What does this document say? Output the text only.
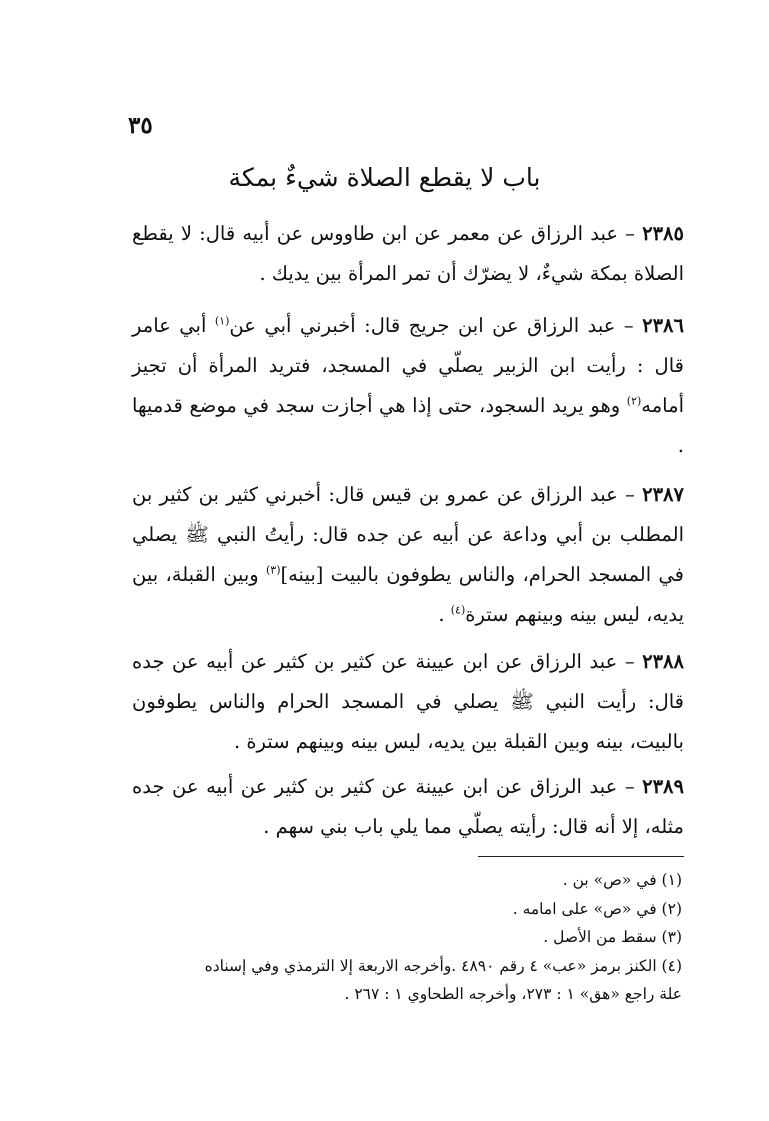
٣٥
باب لا يقطع الصلاة شيءٌ بمكة
٢٣٨٥ – عبد الرزاق عن معمر عن ابن طاووس عن أبيه قال: لا يقطع الصلاة بمكة شيءٌ، لا يضرّك أن تمر المرأة بين يديك .
٢٣٨٦ – عبد الرزاق عن ابن جريج قال: أخبرني أبي عن$^{(١)}$ أبي عامر قال : رأيت ابن الزبير يصلّي في المسجد، فتريد المرأة أن تجيز أمامه$^{(٢)}$ وهو يريد السجود، حتى إذا هي أجازت سجد في موضع قدميها .
٢٣٨٧ – عبد الرزاق عن عمرو بن قيس قال: أخبرني كثير بن كثير بن المطلب بن أبي وداعة عن أبيه عن جده قال: رأيتُ النبي ﷺ يصلي في المسجد الحرام، والناس يطوفون بالبيت [بينه]$^{(٣)}$ وبين القبلة، بين يديه، ليس بينه وبينهم سترة$^{(٤)}$ .
٢٣٨٨ – عبد الرزاق عن ابن عيينة عن كثير بن كثير عن أبيه عن جده قال: رأيت النبي ﷺ يصلي في المسجد الحرام والناس يطوفون بالبيت، بينه وبين القبلة بين يديه، ليس بينه وبينهم سترة .
٢٣٨٩ – عبد الرزاق عن ابن عيينة عن كثير بن كثير عن أبيه عن جده مثله، إلا أنه قال: رأيته يصلّي مما يلي باب بني سهم .
(١) في «ص» بن .
(٢) في «ص» على امامه .
(٣) سقط من الأصل .
(٤) الكنز برمز «عب» ٤ رقم ٤٨٩٠ .وأخرجه الاربعة إلا الترمذي وفي إسناده
علة راجع «هق» ١ : ٢٧٣، وأخرجه الطحاوي ١ : ٢٦٧ .
